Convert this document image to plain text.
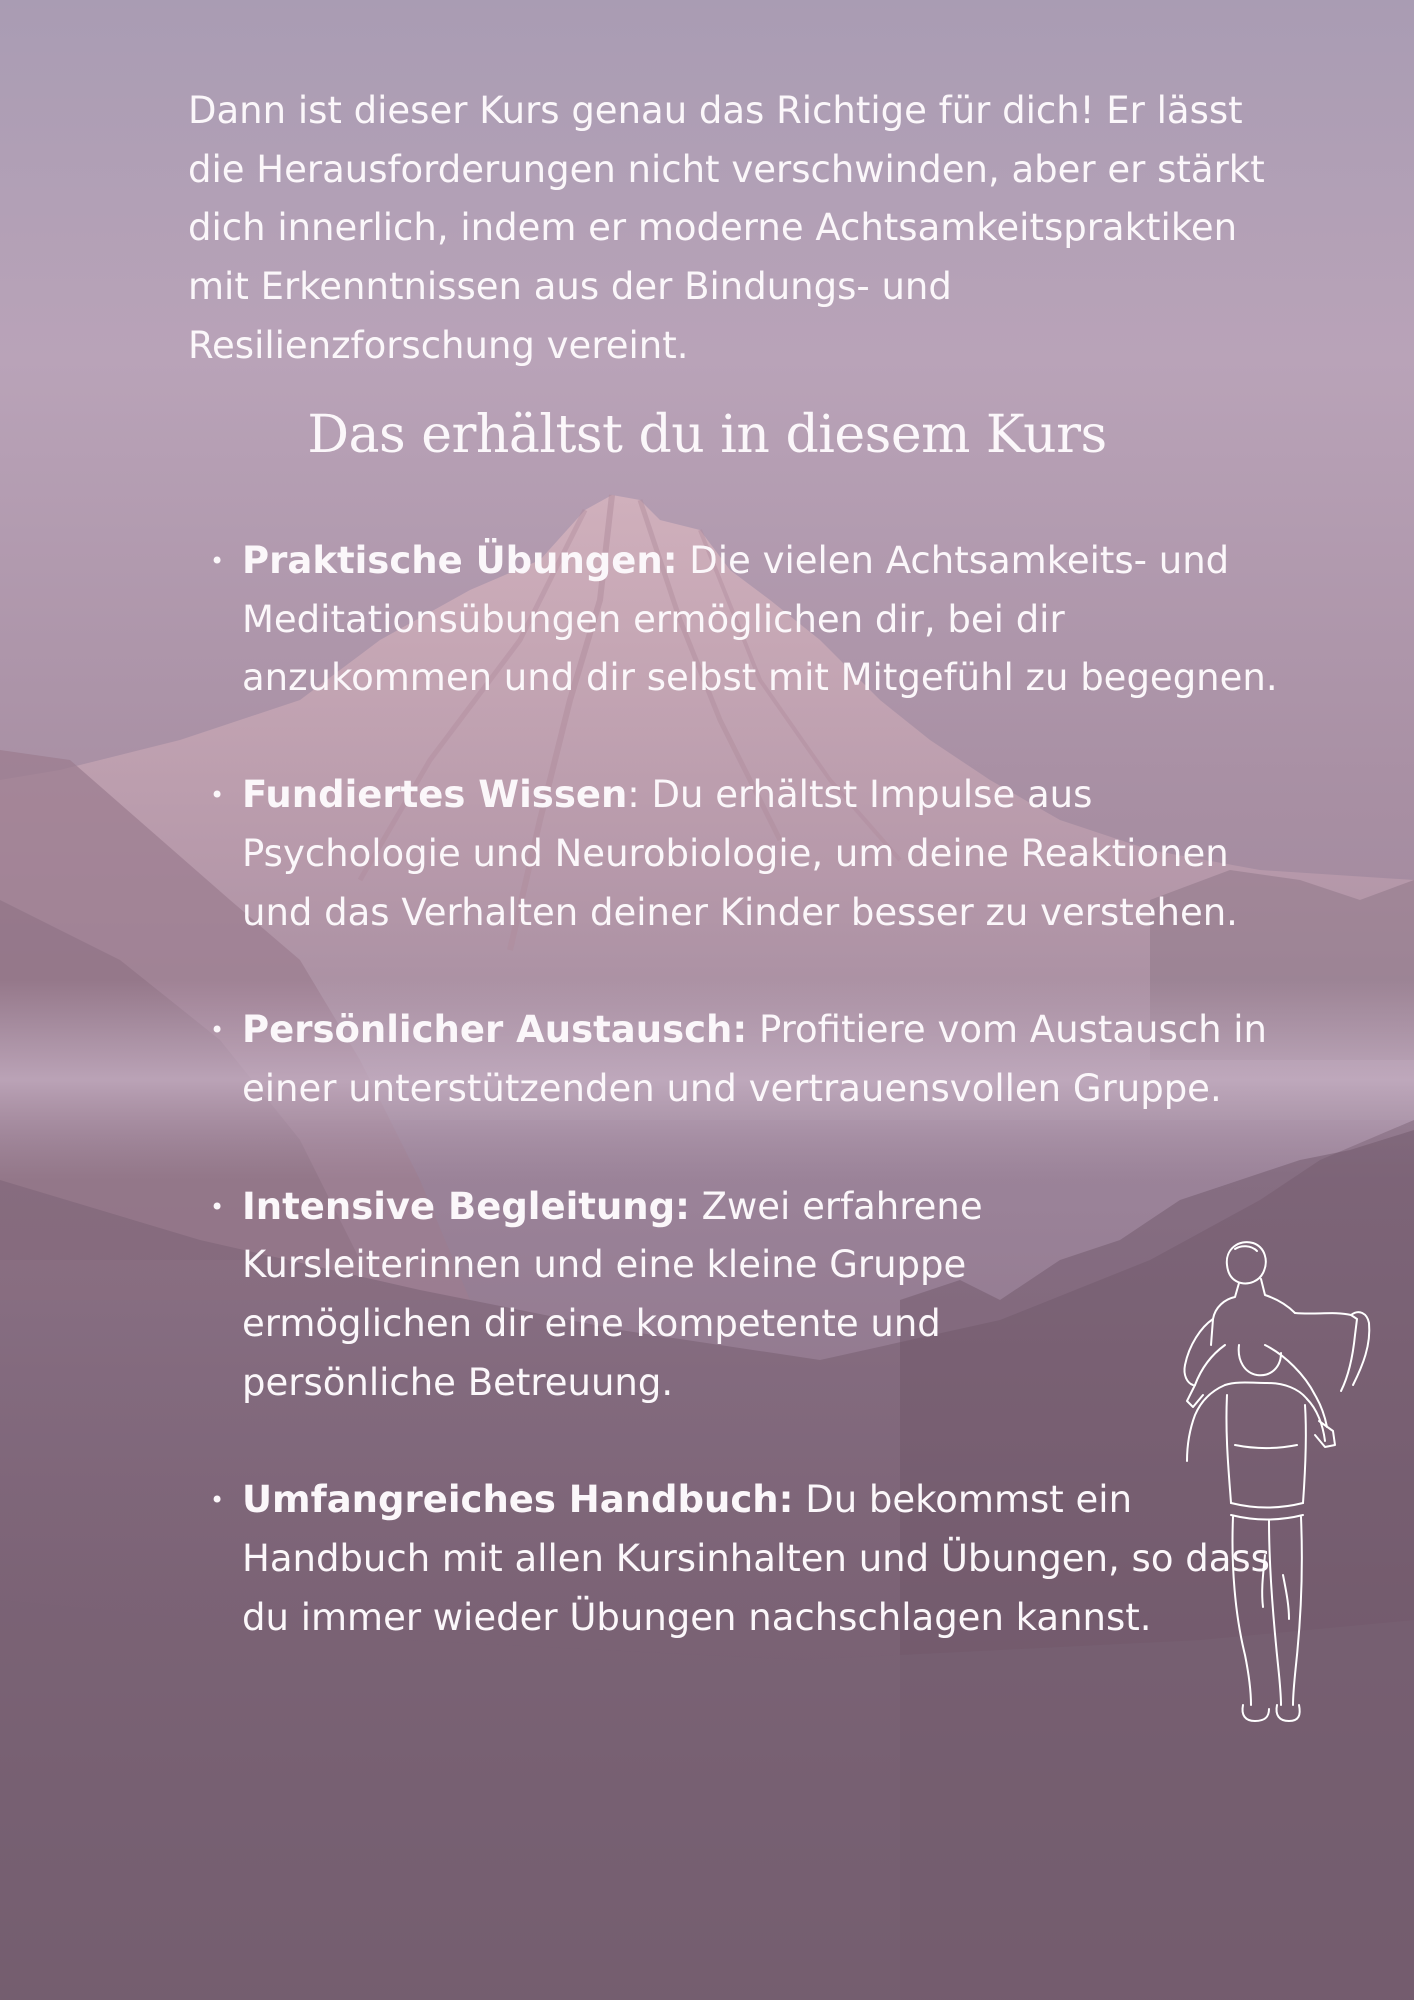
Dann ist dieser Kurs genau das Richtige für dich! Er lässt die Herausforderungen nicht verschwinden, aber er stärkt dich innerlich, indem er moderne Achtsamkeitspraktiken mit Erkenntnissen aus der Bindungs- und Resilienzforschung vereint.

Das erhältst du in diesem Kurs
• Praktische Übungen: Die vielen Achtsamkeits- und Meditationsübungen ermöglichen dir, bei dir anzukommen und dir selbst mit Mitgefühl zu begegnen.
• Fundiertes Wissen: Du erhältst Impulse aus Psychologie und Neurobiologie, um deine Reaktionen und das Verhalten deiner Kinder besser zu verstehen.
• Persönlicher Austausch: Profitiere vom Austausch in einer unterstützenden und vertrauensvollen Gruppe.
• Intensive Begleitung: Zwei erfahrene Kursleiterinnen und eine kleine Gruppe ermöglichen dir eine kompetente und persönliche Betreuung.
• Umfangreiches Handbuch: Du bekommst ein Handbuch mit allen Kursinhalten und Übungen, so dass du immer wieder Übungen nachschlagen kannst.
